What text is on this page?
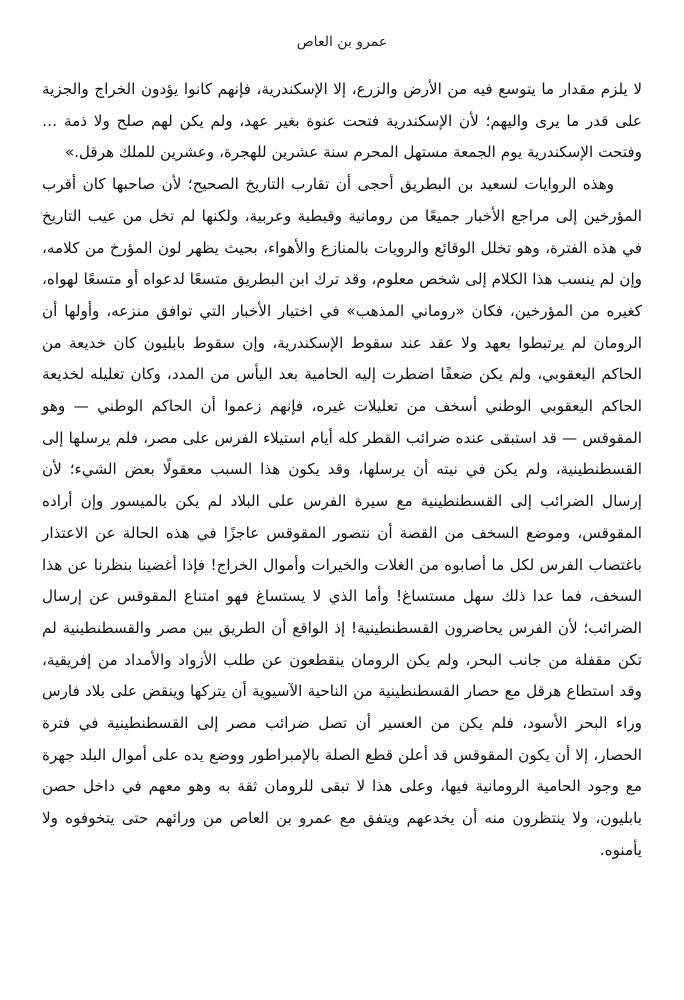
عمرو بن العاص

لا يلزم مقدار ما يتوسع فيه من الأرض والزرع، إلا الإسكندرية، فإنهم كانوا يؤدون الخراج والجزية على قدر ما يرى واليهم؛ لأن الإسكندرية فتحت عنوة بغير عهد، ولم يكن لهم صلح ولا ذمة … وفتحت الإسكندرية يوم الجمعة مستهل المحرم سنة عشرين للهجرة، وعشرين للملك هرقل.»

وهذه الروايات لسعيد بن البطريق أحجى أن تقارب التاريخ الصحيح؛ لأن صاحبها كان أقرب المؤرخين إلى مراجع الأخبار جميعًا من رومانية وقبطية وعربية، ولكنها لم تخل من عيب التاريخ في هذه الفترة، وهو تخلل الوقائع والرويات بالمنازع والأهواء، بحيث يظهر لون المؤرخ من كلامه، وإن لم ينسب هذا الكلام إلى شخص معلوم، وقد ترك ابن البطريق متسعًا لدعواه أو متسعًا لهواه، كغيره من المؤرخين، فكان «روماني المذهب» في اختيار الأخبار التي توافق منزعه، وأولها أن الرومان لم يرتبطوا بعهد ولا عقد عند سقوط الإسكندرية، وإن سقوط بابليون كان خديعة من الحاكم اليعقوبي، ولم يكن ضعفًا اضطرت إليه الحامية بعد اليأس من المدد، وكان تعليله لخديعة الحاكم اليعقوبي الوطني أسخف من تعليلات غيره، فإنهم زعموا أن الحاكم الوطني — وهو المقوقس — قد استبقى عنده ضرائب القطر كله أيام استيلاء الفرس على مصر، فلم يرسلها إلى القسطنطينية، ولم يكن في نيته أن يرسلها، وقد يكون هذا السبب معقولًا بعض الشيء؛ لأن إرسال الضرائب إلى القسطنطينية مع سيرة الفرس على البلاد لم يكن بالميسور وإن أراده المقوقس، وموضع السخف من القصة أن نتصور المقوقس عاجزًا في هذه الحالة عن الاعتذار باغتصاب الفرس لكل ما أصابوه من الغلات والخيرات وأموال الخراج! فإذا أغضينا بنظرنا عن هذا السخف، فما عدا ذلك سهل مستساغ! وأما الذي لا يستساغ فهو امتناع المقوقس عن إرسال الضرائب؛ لأن الفرس يحاصرون القسطنطينية! إذ الواقع أن الطريق بين مصر والقسطنطينية لم تكن مقفلة من جانب البحر، ولم يكن الرومان ينقطعون عن طلب الأزواد والأمداد من إفريقية، وقد استطاع هرقل مع حصار القسطنطينية من الناحية الآسيوية أن يتركها وينقض على بلاد فارس وراء البحر الأسود، فلم يكن من العسير أن تصل ضرائب مصر إلى القسطنطينية في فترة الحصار، إلا أن يكون المقوقس قد أعلن قطع الصلة بالإمبراطور ووضع يده على أموال البلد جهرة مع وجود الحامية الرومانية فيها، وعلى هذا لا تبقى للرومان ثقة به وهو معهم في داخل حصن بابليون، ولا ينتظرون منه أن يخدعهم ويتفق مع عمرو بن العاص من ورائهم حتى يتخوفوه ولا يأمنوه.
